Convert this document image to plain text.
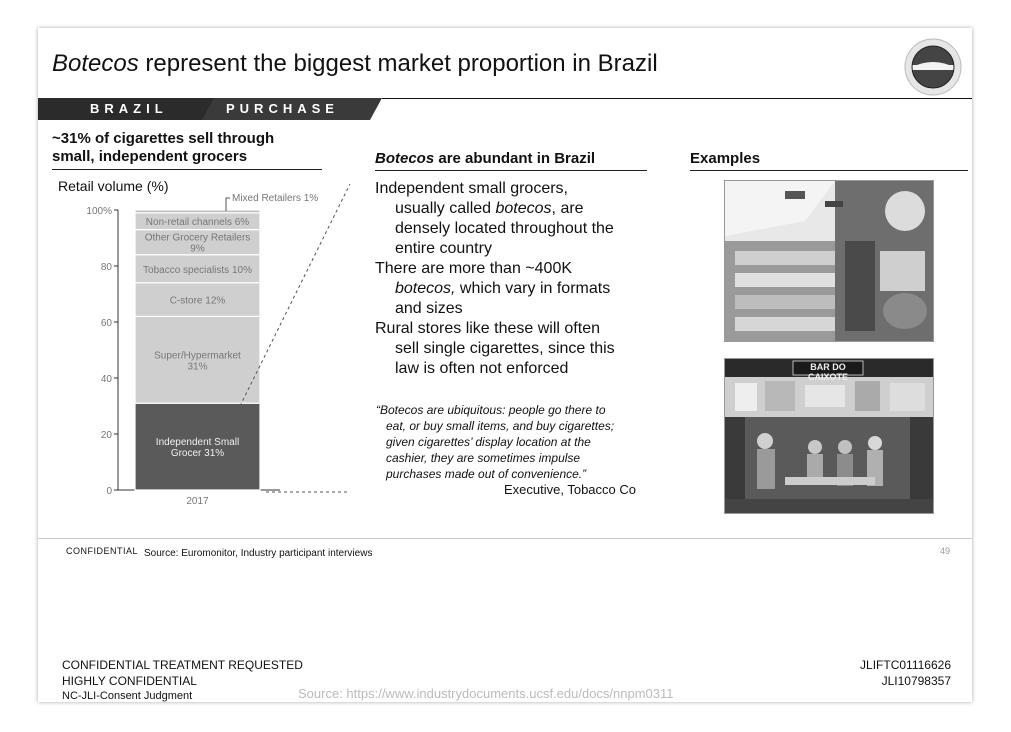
Botecos represent the biggest market proportion in Brazil
BRAZIL	PURCHASE
~31% of cigarettes sell through
small, independent grocers
Retail volume (%)
0
20
40
60
80
100%
Independent Small
Grocer 31%
Super/Hypermarket
31%
C-store 12%
Tobacco specialists 10%
Other Grocery Retailers
9%
Non-retail channels 6%
Mixed Retailers 1%
2017
Botecos are abundant in Brazil
Independent small grocers,
usually called botecos, are
densely located throughout the
entire country
There are more than ~400K
botecos, which vary in formats
and sizes
Rural stores like these will often
sell single cigarettes, since this
law is often not enforced
“Botecos are ubiquitous: people go there to
eat, or buy small items, and buy cigarettes;
given cigarettes’ display location at the
cashier, they are sometimes impulse
purchases made out of convenience.”
Executive, Tobacco Co
Examples
BAR DO CAIXOTE
CONFIDENTIAL Source: Euromonitor, Industry participant interviews	49
CONFIDENTIAL TREATMENT REQUESTED
HIGHLY CONFIDENTIAL
NC-JLI-Consent Judgment
JLIFTC01116626
JLI10798357
Source: https://www.industrydocuments.ucsf.edu/docs/nnpm0311
